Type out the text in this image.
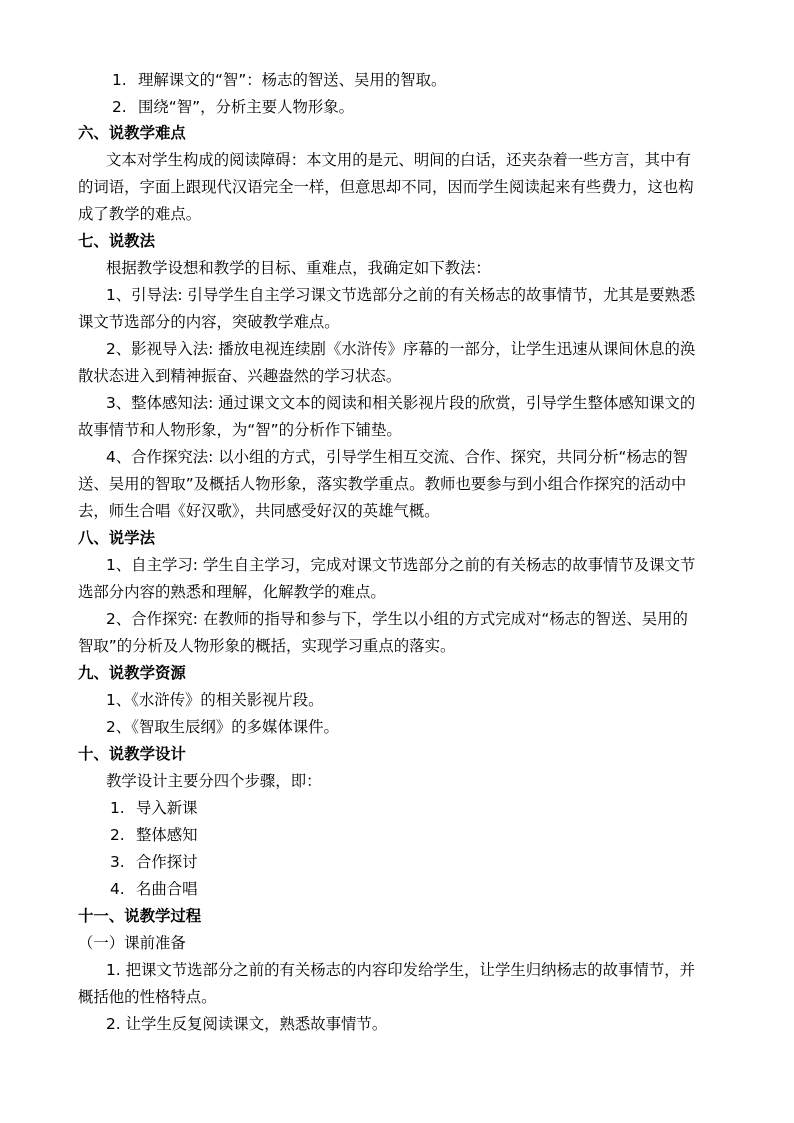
1. 理解课文的“智”：杨志的智送、吴用的智取。
2. 围绕“智”，分析主要人物形象。
六、说教学难点
文本对学生构成的阅读障碍：本文用的是元、明间的白话，还夹杂着一些方言，其中有
的词语，字面上跟现代汉语完全一样，但意思却不同，因而学生阅读起来有些费力，这也构
成了教学的难点。
七、说教法
根据教学设想和教学的目标、重难点，我确定如下教法：
1、引导法: 引导学生自主学习课文节选部分之前的有关杨志的故事情节，尤其是要熟悉
课文节选部分的内容，突破教学难点。
2、影视导入法: 播放电视连续剧《水浒传》序幕的一部分，让学生迅速从课间休息的涣
散状态进入到精神振奋、兴趣盎然的学习状态。
3、整体感知法: 通过课文文本的阅读和相关影视片段的欣赏，引导学生整体感知课文的
故事情节和人物形象，为“智”的分析作下铺垫。
4、合作探究法: 以小组的方式，引导学生相互交流、合作、探究，共同分析“杨志的智
送、吴用的智取”及概括人物形象，落实教学重点。教师也要参与到小组合作探究的活动中
去，师生合唱《好汉歌》，共同感受好汉的英雄气概。
八、说学法
1、自主学习: 学生自主学习，完成对课文节选部分之前的有关杨志的故事情节及课文节
选部分内容的熟悉和理解，化解教学的难点。
2、合作探究: 在教师的指导和参与下，学生以小组的方式完成对“杨志的智送、吴用的
智取”的分析及人物形象的概括，实现学习重点的落实。
九、说教学资源
1、《水浒传》的相关影视片段。
2、《智取生辰纲》的多媒体课件。
十、说教学设计
教学设计主要分四个步骤，即：
1. 导入新课
2. 整体感知
3. 合作探讨
4. 名曲合唱
十一、说教学过程
（一）课前准备
1. 把课文节选部分之前的有关杨志的内容印发给学生，让学生归纳杨志的故事情节，并
概括他的性格特点。
2. 让学生反复阅读课文，熟悉故事情节。
